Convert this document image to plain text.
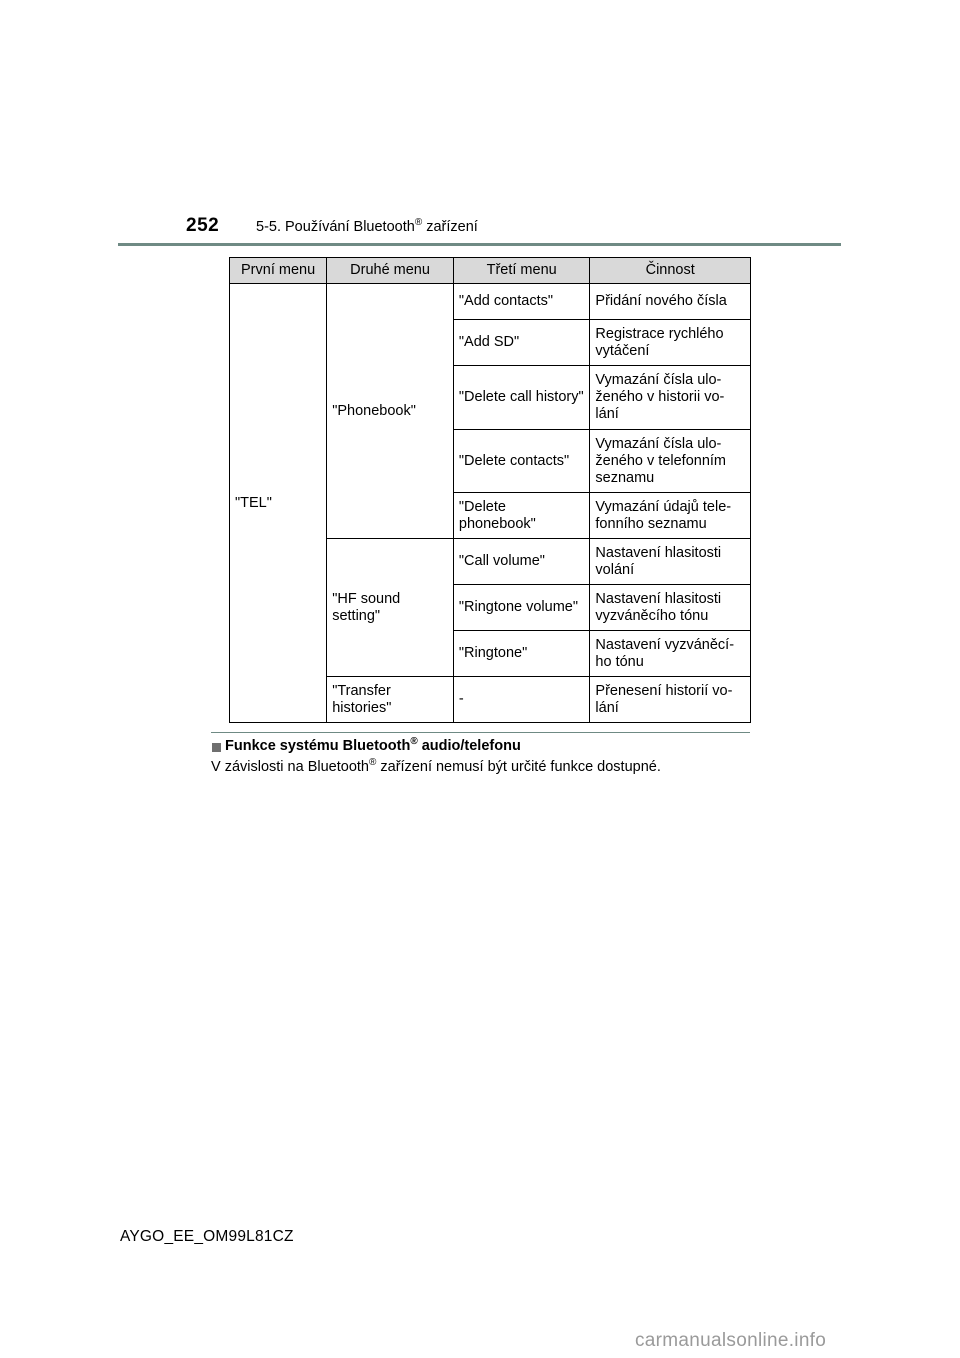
252	5-5. Používání Bluetooth® zařízení
První menu	Druhé menu	Třetí menu	Činnost
"TEL"	"Phonebook"	"Add contacts"	Přidání nového čísla
		"Add SD"	Registrace rychlého vytáčení
		"Delete call history"	Vymazání čísla ulo-ženého v historii vo-lání
		"Delete contacts"	Vymazání čísla ulo-ženého v telefonním seznamu
		"Delete phonebook"	Vymazání údajů tele-fonního seznamu
	"HF sound setting"	"Call volume"	Nastavení hlasitosti volání
		"Ringtone volume"	Nastavení hlasitosti vyzváněcího tónu
		"Ringtone"	Nastavení vyzváněcí-ho tónu
	"Transfer histories"	-	Přenesení historií vo-lání
Funkce systému Bluetooth® audio/telefonu
V závislosti na Bluetooth® zařízení nemusí být určité funkce dostupné.
AYGO_EE_OM99L81CZ
carmanualsonline.info
